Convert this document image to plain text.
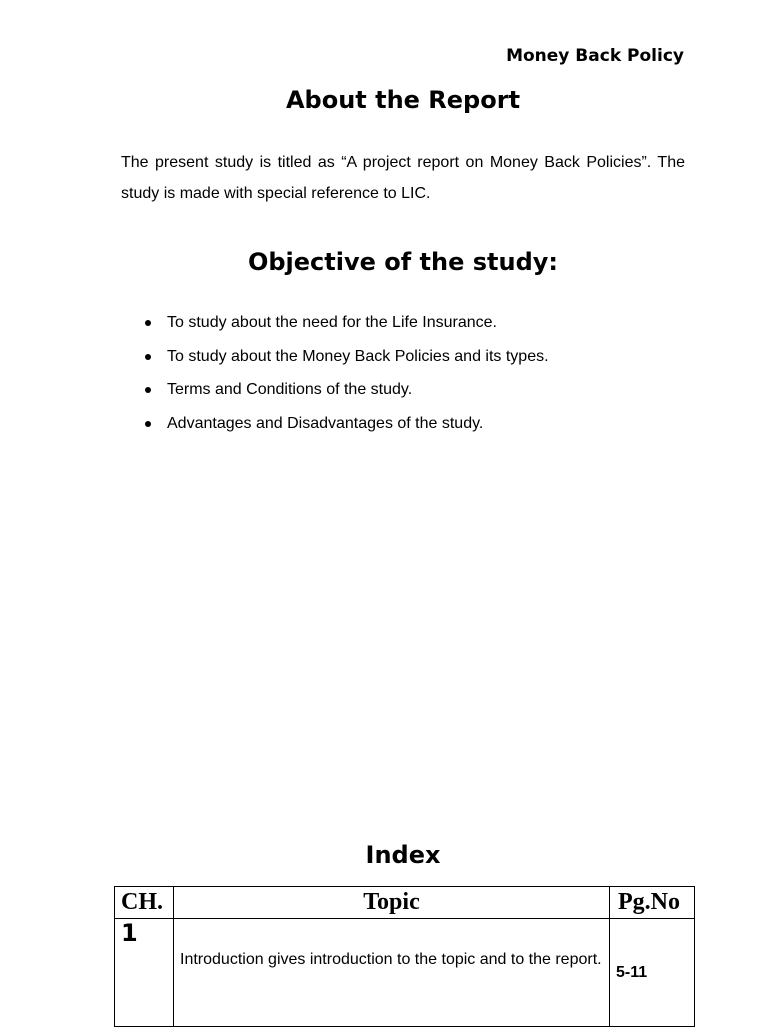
Money Back Policy
About the Report

The present study is titled as “A project report on Money Back Policies”. The study is made with special reference to LIC.

Objective of the study:
To study about the need for the Life Insurance.
To study about the Money Back Policies and its types.
Terms and Conditions of the study.
Advantages and Disadvantages of the study.
Index
CH.	Topic	Pg.No
1	Introduction gives introduction to the topic and to the report.	5-11
